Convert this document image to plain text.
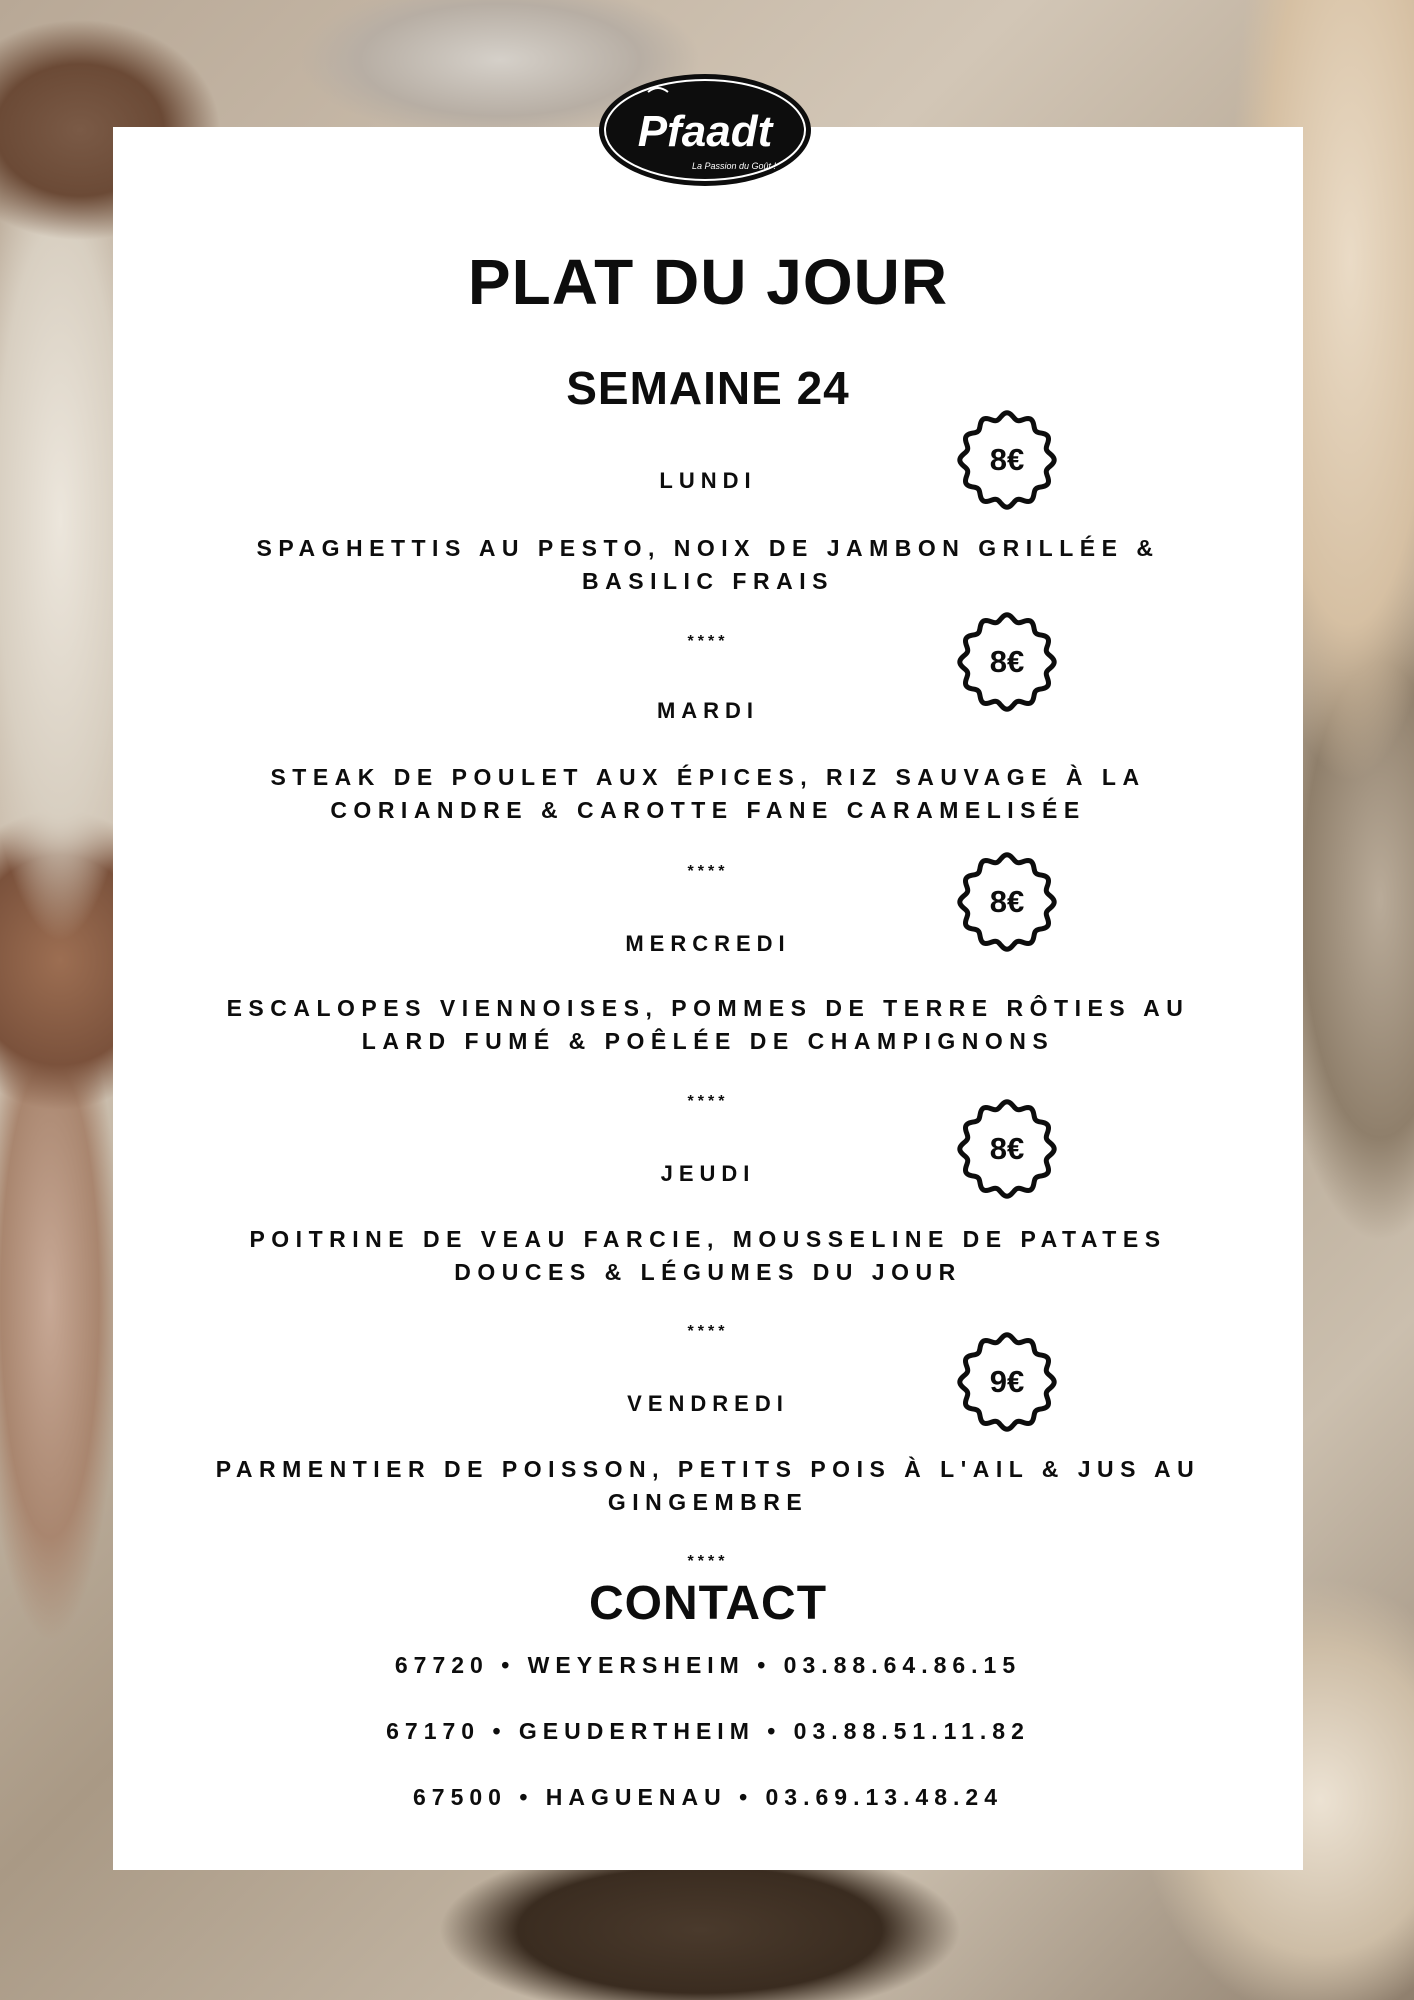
Pfaadt
La Passion du Goût !
PLAT DU JOUR
SEMAINE 24
LUNDI
SPAGHETTIS AU PESTO, NOIX DE JAMBON GRILLÉE & BASILIC FRAIS
****
8€
MARDI
STEAK DE POULET AUX ÉPICES, RIZ SAUVAGE À LA CORIANDRE & CAROTTE FANE CARAMELISÉE
****
8€
MERCREDI
ESCALOPES VIENNOISES, POMMES DE TERRE RÔTIES AU LARD FUMÉ & POÊLÉE DE CHAMPIGNONS
****
8€
JEUDI
POITRINE DE VEAU FARCIE, MOUSSELINE DE PATATES DOUCES & LÉGUMES DU JOUR
****
8€
VENDREDI
PARMENTIER DE POISSON, PETITS POIS À L'AIL & JUS AU GINGEMBRE
****
9€
CONTACT
67720 • WEYERSHEIM • 03.88.64.86.15
67170 • GEUDERTHEIM • 03.88.51.11.82
67500 • HAGUENAU • 03.69.13.48.24
